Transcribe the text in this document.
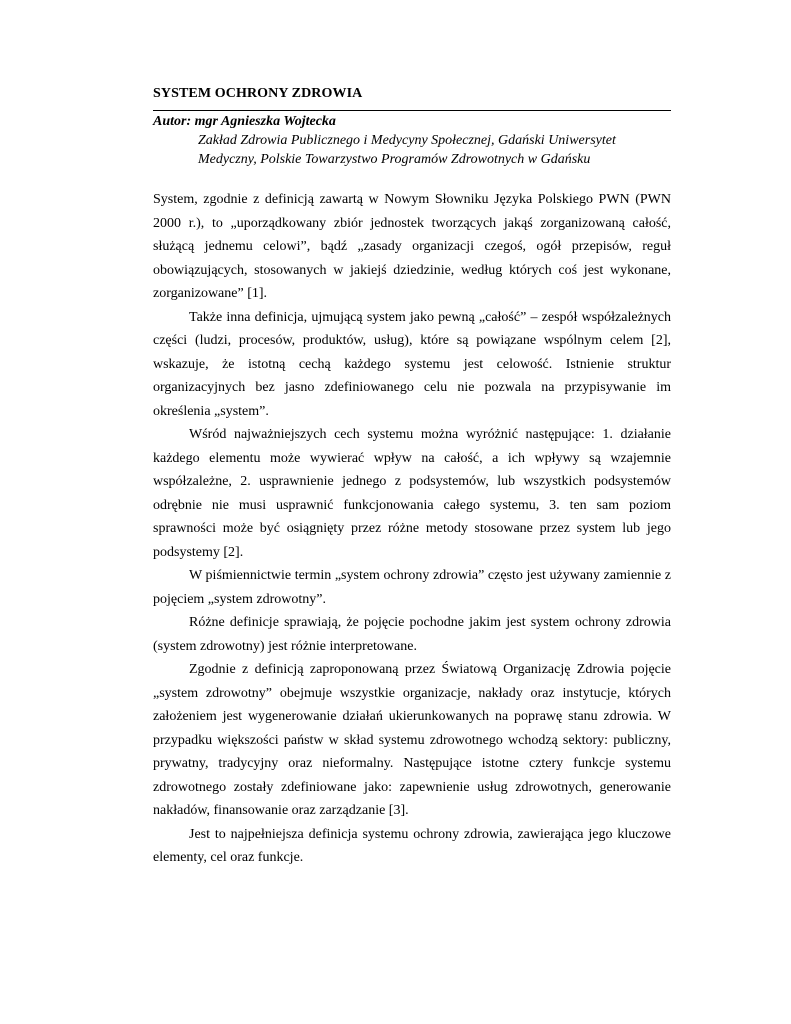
SYSTEM OCHRONY ZDROWIA
Autor: mgr Agnieszka Wojtecka
Zakład Zdrowia Publicznego i Medycyny Społecznej, Gdański Uniwersytet
Medyczny, Polskie Towarzystwo Programów Zdrowotnych w Gdańsku

System, zgodnie z definicją zawartą w Nowym Słowniku Języka Polskiego PWN (PWN 2000 r.), to „uporządkowany zbiór jednostek tworzących jakąś zorganizowaną całość, służącą jednemu celowi”, bądź „zasady organizacji czegoś, ogół przepisów, reguł obowiązujących, stosowanych w jakiejś dziedzinie, według których coś jest wykonane, zorganizowane” [1].

Także inna definicja, ujmującą system jako pewną „całość” – zespół współzależnych części (ludzi, procesów, produktów, usług), które są powiązane wspólnym celem [2], wskazuje, że istotną cechą każdego systemu jest celowość. Istnienie struktur organizacyjnych bez jasno zdefiniowanego celu nie pozwala na przypisywanie im określenia „system”.

Wśród najważniejszych cech systemu można wyróżnić następujące: 1. działanie każdego elementu może wywierać wpływ na całość, a ich wpływy są wzajemnie współzależne, 2. usprawnienie jednego z podsystemów, lub wszystkich podsystemów odrębnie nie musi usprawnić funkcjonowania całego systemu, 3. ten sam poziom sprawności może być osiągnięty przez różne metody stosowane przez system lub jego podsystemy [2].

W piśmiennictwie termin „system ochrony zdrowia” często jest używany zamiennie z pojęciem „system zdrowotny”.

Różne definicje sprawiają, że pojęcie pochodne jakim jest system ochrony zdrowia (system zdrowotny) jest różnie interpretowane.

Zgodnie z definicją zaproponowaną przez Światową Organizację Zdrowia pojęcie „system zdrowotny” obejmuje wszystkie organizacje, nakłady oraz instytucje, których założeniem jest wygenerowanie działań ukierunkowanych na poprawę stanu zdrowia. W przypadku większości państw w skład systemu zdrowotnego wchodzą sektory: publiczny, prywatny, tradycyjny oraz nieformalny. Następujące istotne cztery funkcje systemu zdrowotnego zostały zdefiniowane jako: zapewnienie usług zdrowotnych, generowanie nakładów, finansowanie oraz zarządzanie [3].

Jest to najpełniejsza definicja systemu ochrony zdrowia, zawierająca jego kluczowe elementy, cel oraz funkcje.
